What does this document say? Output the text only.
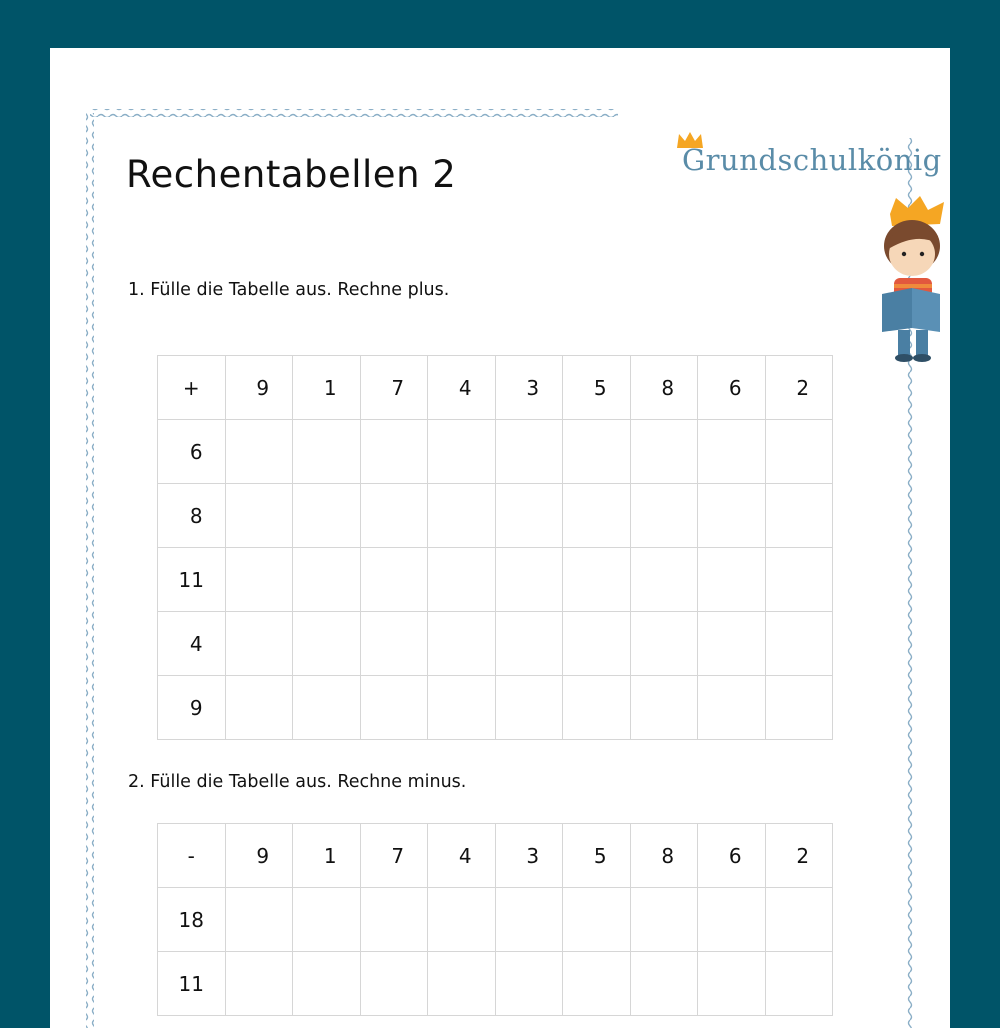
Grundschulkönig
Rechentabellen 2
1. Fülle die Tabelle aus. Rechne plus.
+	9	1	7	4	3	5	8	6	2
6									
8									
11									
4									
9									
2. Fülle die Tabelle aus. Rechne minus.
-	9	1	7	4	3	5	8	6	2
18									
11									
